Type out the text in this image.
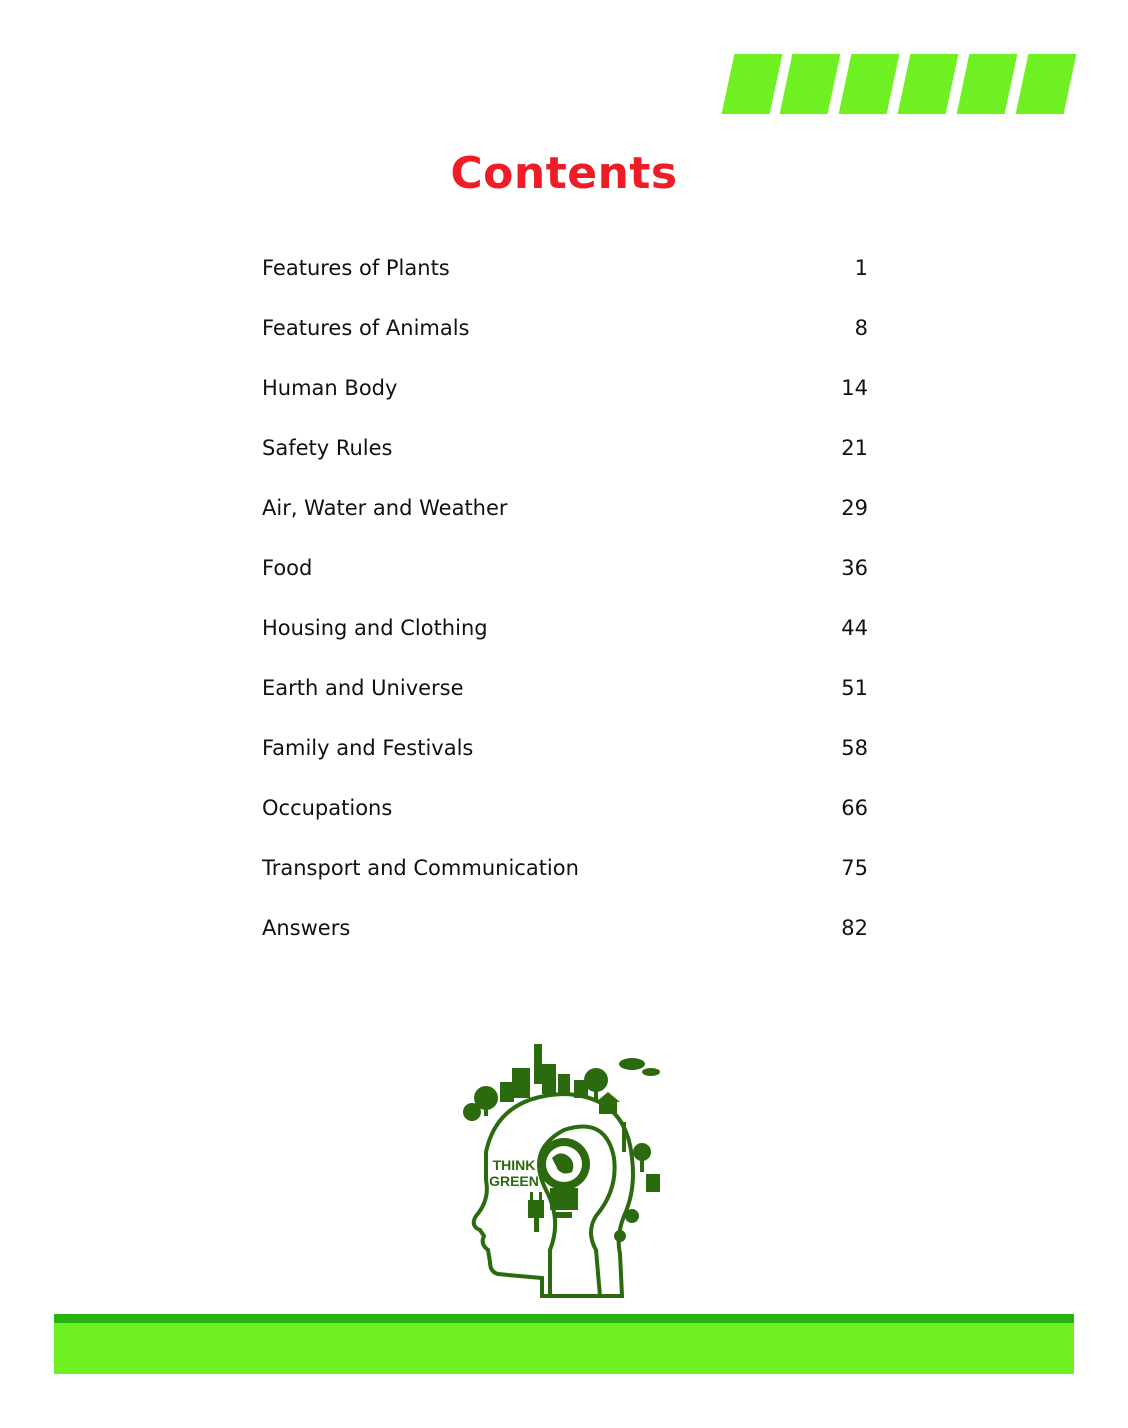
Contents
Features of Plants	1
Features of Animals	8
Human Body	14
Safety Rules	21
Air, Water and Weather	29
Food	36
Housing and Clothing	44
Earth and Universe	51
Family and Festivals	58
Occupations	66
Transport and Communication	75
Answers	82
THINK
GREEN
